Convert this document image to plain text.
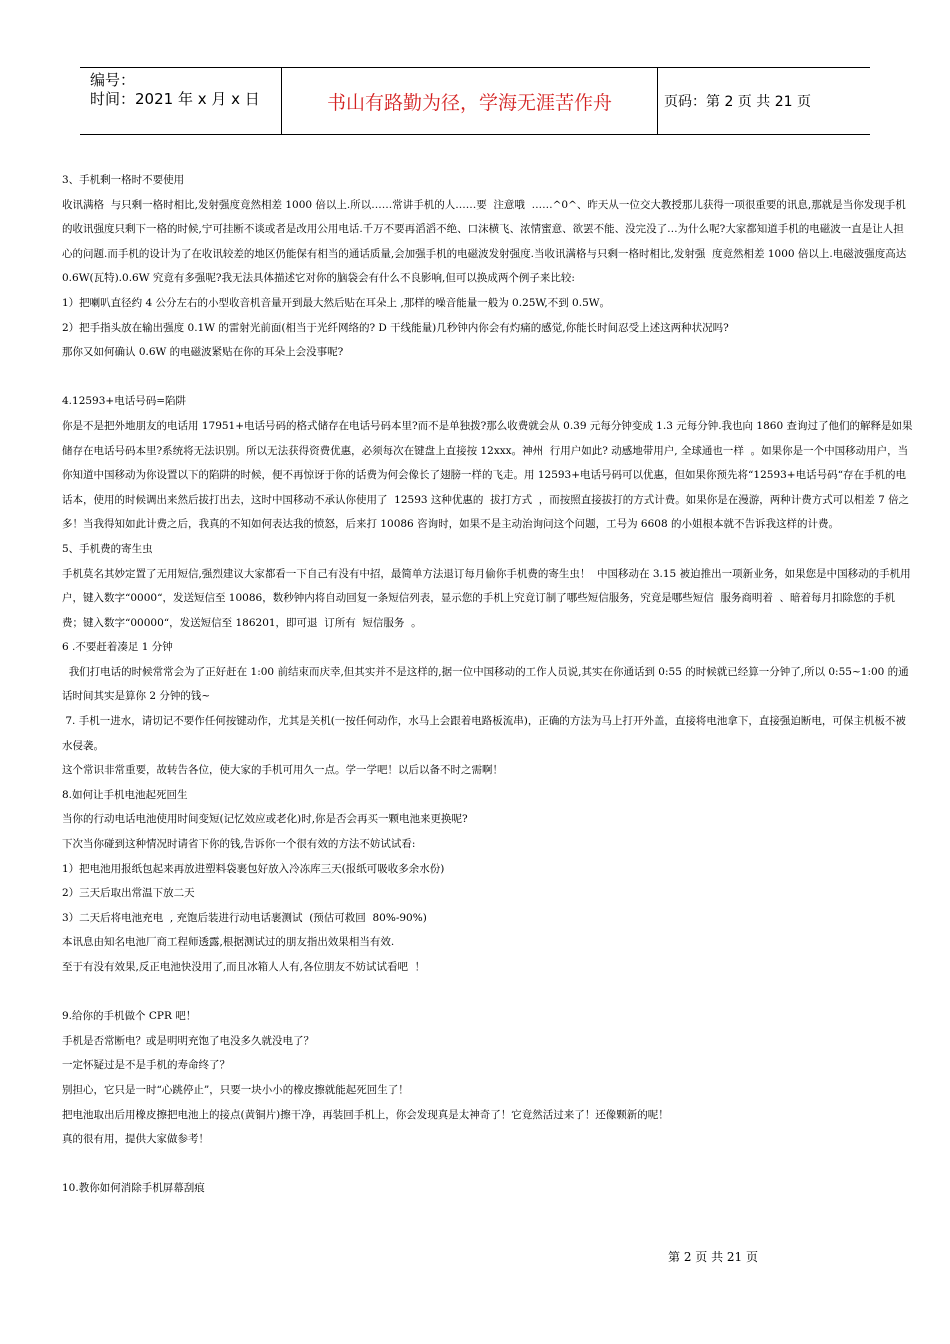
编号：
时间：2021 年 x 月 x 日	书山有路勤为径，学海无涯苦作舟	页码：第 2 页 共 21 页

3、手机剩一格时不要使用

收讯满格  与只剩一格时相比,发射强度竟然相差 1000 倍以上.所以……常讲手机的人……要  注意哦  ……^0^、昨天从一位交大教授那儿获得一项很重要的讯息,那就是当你发现手机的收讯强度只剩下一格的时候,宁可挂断不谈或者是改用公用电话.千万不要再滔滔不绝、口沫横飞、浓情蜜意、欲罢不能、没完没了…为什么呢?大家都知道手机的电磁波一直是让人担心的问题.而手机的设计为了在收讯较差的地区仍能保有相当的通话质量,会加强手机的电磁波发射强度.当收讯满格与只剩一格时相比,发射强  度竟然相差 1000 倍以上.电磁波强度高达 0.6W(瓦特).0.6W 究竟有多强呢?我无法具体描述它对你的脑袋会有什么不良影响,但可以换成两个例子来比较:

1）把喇叭直径约 4 公分左右的小型收音机音量开到最大然后贴在耳朵上 ,那样的噪音能量一般为 0.25W,不到 0.5W。

2）把手指头放在输出强度 0.1W 的雷射光前面(相当于光纤网络的? D 干线能量)几秒钟内你会有灼痛的感觉,你能长时间忍受上述这两种状况吗?

那你又如何确认 0.6W 的电磁波紧贴在你的耳朵上会没事呢?

4.12593+电话号码=陷阱

你是不是把外地朋友的电话用 17951+电话号码的格式储存在电话号码本里?而不是单独拨?那么收费就会从 0.39 元每分钟变成 1.3 元每分钟.我也向 1860 查询过了他们的解释是如果储存在电话号码本里?系统将无法识别。所以无法获得资费优惠，必须每次在键盘上直接按 12xxx。神州  行用户如此? 动感地带用户, 全球通也一样  。如果你是一个中国移动用户，当你知道中国移动为你设置以下的陷阱的时候，便不再惊讶于你的话费为何会像长了翅膀一样的飞走。用 12593+电话号码可以优惠，但如果你预先将“12593+电话号码“存在手机的电话本，使用的时候调出来然后拔打出去，这时中国移动不承认你使用了  12593 这种优惠的  拔打方式  ，而按照直接拔打的方式计费。如果你是在漫游，两种计费方式可以相差 7 倍之多！当我得知如此计费之后，我真的不知如何表达我的愤怒，后来打 10086 咨询时，如果不是主动治询问这个问题，工号为 6608 的小姐根本就不告诉我这样的计费。

5、手机费的寄生虫

手机莫名其妙定置了无用短信,强烈建议大家都看一下自己有没有中招，最简单方法退订每月偷你手机费的寄生虫！  中国移动在 3.15 被迫推出一项新业务，如果您是中国移动的手机用户，键入数字“0000“，发送短信至 10086，数秒钟内将自动回复一条短信列表，显示您的手机上究竟订制了哪些短信服务，究竟是哪些短信  服务商明着  、暗着每月扣除您的手机费；键入数字“00000“，发送短信至 186201，即可退  订所有  短信服务  。

6 .不要赶着凑足 1 分钟

我们打电话的时候常常会为了正好赶在 1:00 前结束而庆幸,但其实并不是这样的,据一位中国移动的工作人员说,其实在你通话到 0:55 的时候就已经算一分钟了,所以 0:55~1:00 的通话时间其实是算你 2 分钟的钱~

7. 手机一进水，请切记不要作任何按键动作，尤其是关机(一按任何动作，水马上会跟着电路板流串)，正确的方法为马上打开外盖，直接将电池拿下，直接强迫断电，可保主机板不被水侵袭。

这个常识非常重要，故转告各位，使大家的手机可用久一点。学一学吧！以后以备不时之需啊！

8.如何让手机电池起死回生

当你的行动电话电池使用时间变短(记忆效应或老化)时,你是否会再买一颗电池来更换呢?

下次当你碰到这种情况时请省下你的钱,告诉你一个很有效的方法不妨试试看:

1）把电池用报纸包起来再放进塑料袋裹包好放入冷冻库三天(报纸可吸收多余水份)

2）三天后取出常温下放二天

3）二天后将电池充电  , 充饱后装进行动电话裹测试  (预估可救回  80%-90%)

本讯息由知名电池厂商工程师透露,根据测试过的朋友指出效果相当有效.

至于有没有效果,反正电池快没用了,而且冰箱人人有,各位朋友不妨试试看吧  ！

9.给你的手机做个 CPR 吧！

手机是否常断电？或是明明充饱了电没多久就没电了？

一定怀疑过是不是手机的寿命终了？

别担心，它只是一时“心跳停止”，只要一块小小的橡皮擦就能起死回生了！

把电池取出后用橡皮擦把电池上的接点(黄铜片)擦干净，再装回手机上，你会发现真是太神奇了！它竟然活过来了！还像颗新的呢！

真的很有用，提供大家做参考！

10.教你如何消除手机屏幕刮痕

第 2 页 共 21 页
